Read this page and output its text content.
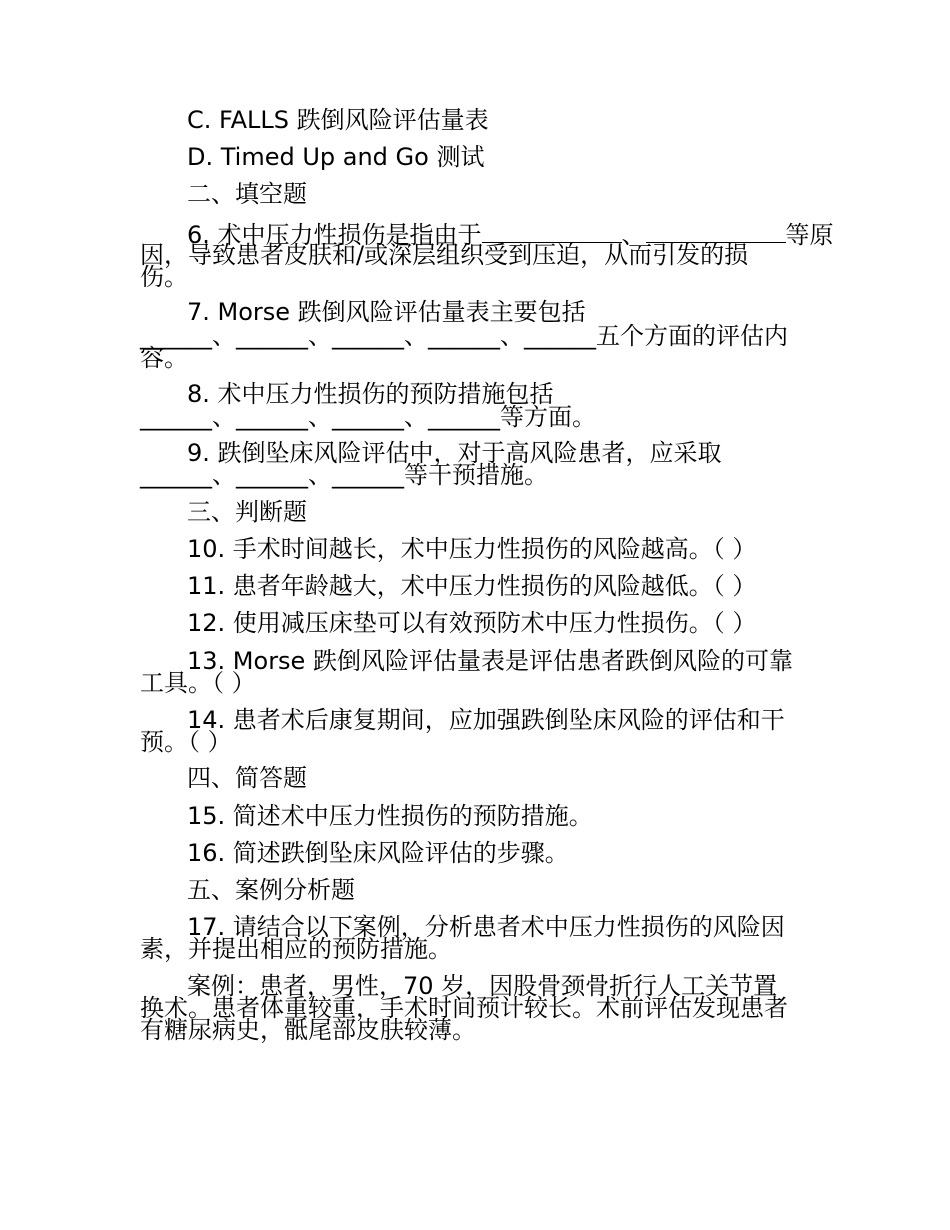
C. FALLS 跌倒风险评估量表
D. Timed Up and Go 测试
二、填空题
6. 术中压力性损伤是指由于	、	等原
因，导致患者皮肤和/或深层组织受到压迫，从而引发的损
伤。
7. Morse 跌倒风险评估量表主要包括
______、______、______、______、______五个方面的评估内
容。
8. 术中压力性损伤的预防措施包括
______、______、______、______等方面。
9. 跌倒坠床风险评估中，对于高风险患者，应采取
______、______、______等干预措施。
三、判断题
10. 手术时间越长，术中压力性损伤的风险越高。（ ）
11. 患者年龄越大，术中压力性损伤的风险越低。（ ）
12. 使用减压床垫可以有效预防术中压力性损伤。（ ）
13. Morse 跌倒风险评估量表是评估患者跌倒风险的可靠
工具。（ ）
14. 患者术后康复期间，应加强跌倒坠床风险的评估和干
预。（ ）
四、简答题
15. 简述术中压力性损伤的预防措施。
16. 简述跌倒坠床风险评估的步骤。
五、案例分析题
17. 请结合以下案例，分析患者术中压力性损伤的风险因
素，并提出相应的预防措施。
案例：患者，男性，70 岁，因股骨颈骨折行人工关节置
换术。患者体重较重，手术时间预计较长。术前评估发现患者
有糖尿病史，骶尾部皮肤较薄。
